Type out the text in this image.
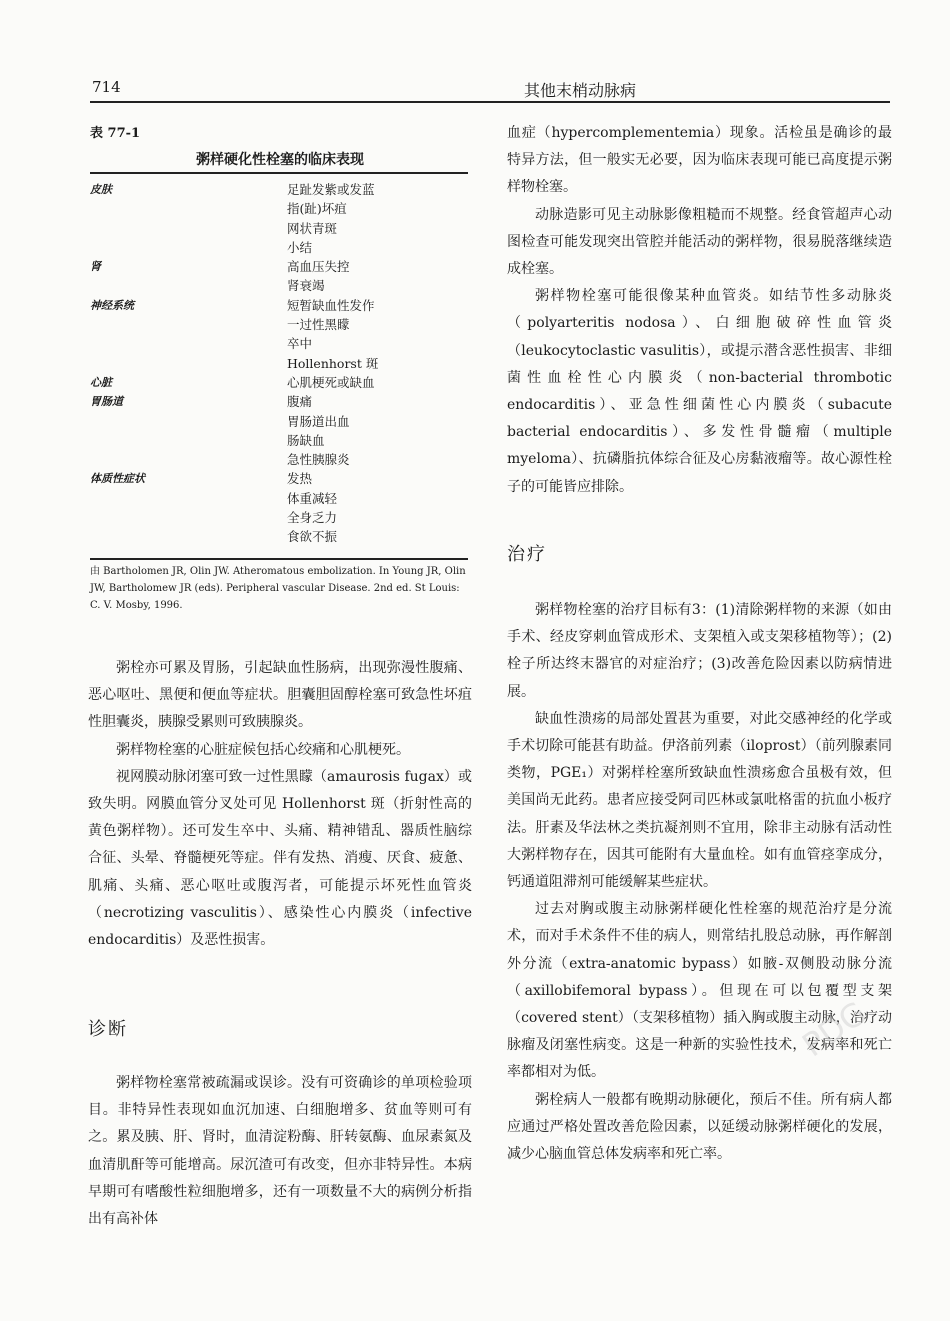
714	其他末梢动脉病
表 77-1
粥样硬化性栓塞的临床表现
皮肤	足趾发紫或发蓝
指(趾)坏疽
网状青斑
小结
肾	高血压失控
肾衰竭
神经系统	短暂缺血性发作
一过性黑矇
卒中
Hollenhorst 斑
心脏	心肌梗死或缺血
胃肠道	腹痛
胃肠道出血
肠缺血
急性胰腺炎
体质性症状	发热
体重减轻
全身乏力
食欲不振
由 Bartholomen JR, Olin JW. Atheromatous embolization. In Young JR, Olin JW, Bartholomew JR (eds). Peripheral vascular Disease. 2nd ed. St Louis: C. V. Mosby, 1996.

粥栓亦可累及胃肠，引起缺血性肠病，出现弥漫性腹痛、恶心呕吐、黑便和便血等症状。胆囊胆固醇栓塞可致急性坏疽性胆囊炎，胰腺受累则可致胰腺炎。

粥样物栓塞的心脏症候包括心绞痛和心肌梗死。

视网膜动脉闭塞可致一过性黑矇（amaurosis fugax）或致失明。网膜血管分叉处可见 Hollenhorst 斑（折射性高的黄色粥样物）。还可发生卒中、头痛、精神错乱、器质性脑综合征、头晕、脊髓梗死等症。伴有发热、消瘦、厌食、疲惫、肌痛、头痛、恶心呕吐或腹泻者，可能提示坏死性血管炎（necrotizing vasculitis）、感染性心内膜炎（infective endocarditis）及恶性损害。

诊断

粥样物栓塞常被疏漏或误诊。没有可资确诊的单项检验项目。非特异性表现如血沉加速、白细胞增多、贫血等则可有之。累及胰、肝、肾时，血清淀粉酶、肝转氨酶、血尿素氮及血清肌酐等可能增高。尿沉渣可有改变，但亦非特异性。本病早期可有嗜酸性粒细胞增多，还有一项数量不大的病例分析指出有高补体

血症（hypercomplementemia）现象。活检虽是确诊的最特异方法，但一般实无必要，因为临床表现可能已高度提示粥样物栓塞。

动脉造影可见主动脉影像粗糙而不规整。经食管超声心动图检查可能发现突出管腔并能活动的粥样物，很易脱落继续造成栓塞。

粥样物栓塞可能很像某种血管炎。如结节性多动脉炎（polyarteritis nodosa）、白细胞破碎性血管炎（leukocytoclastic vasulitis），或提示潜含恶性损害、非细菌性血栓性心内膜炎（non-bacterial thrombotic endocarditis）、亚急性细菌性心内膜炎（subacute bacterial endocarditis）、多发性骨髓瘤（multiple myeloma）、抗磷脂抗体综合征及心房黏液瘤等。故心源性栓子的可能皆应排除。

治疗

粥样物栓塞的治疗目标有3：(1)清除粥样物的来源（如由手术、经皮穿刺血管成形术、支架植入或支架移植物等）；(2)栓子所达终末器官的对症治疗；(3)改善危险因素以防病情进展。

缺血性溃疡的局部处置甚为重要，对此交感神经的化学或手术切除可能甚有助益。伊洛前列素（iloprost）（前列腺素同类物，PGE₁）对粥样栓塞所致缺血性溃疡愈合虽极有效，但美国尚无此药。患者应接受阿司匹林或氯吡格雷的抗血小板疗法。肝素及华法林之类抗凝剂则不宜用，除非主动脉有活动性大粥样物存在，因其可能附有大量血栓。如有血管痉挛成分，钙通道阻滞剂可能缓解某些症状。

过去对胸或腹主动脉粥样硬化性栓塞的规范治疗是分流术，而对手术条件不佳的病人，则常结扎股总动脉，再作解剖外分流（extra-anatomic bypass）如腋-双侧股动脉分流（axillobifemoral bypass）。但现在可以包覆型支架（covered stent）（支架移植物）插入胸或腹主动脉，治疗动脉瘤及闭塞性病变。这是一种新的实验性技术，发病率和死亡率都相对为低。

粥栓病人一般都有晚期动脉硬化，预后不佳。所有病人都应通过严格处置改善危险因素，以延缓动脉粥样硬化的发展，减少心脑血管总体发病率和死亡率。

PDG
